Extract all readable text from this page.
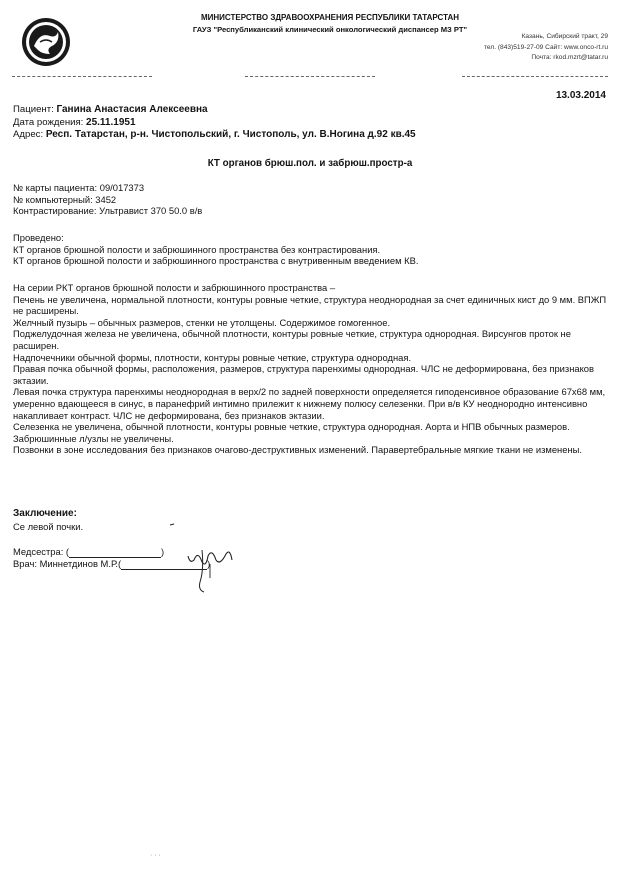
МИНИСТЕРСТВО ЗДРАВООХРАНЕНИЯ РЕСПУБЛИКИ ТАТАРСТАН
ГАУЗ "Республиканский клинический онкологический диспансер МЗ РТ"
Казань, Сибирский тракт, 29
тел. (843)519-27-09 Сайт: www.onco-rt.ru
Почта: rkod.mzrt@tatar.ru
13.03.2014
Пациент: Ганина Анастасия Алексеевна
Дата рождения: 25.11.1951
Адрес: Респ. Татарстан, р-н. Чистопольский, г. Чистополь, ул. В.Ногина д.92 кв.45
КТ органов брюш.пол. и забрюш.простр-а

№ карты пациента: 09/017373

№ компьютерный: 3452

Контрастирование: Ультравист 370 50.0 в/в

Проведено:

КТ органов брюшной полости и забрюшинного пространства без контрастирования.

КТ органов брюшной полости и забрюшинного пространства с внутривенным введением КВ.

На серии РКТ органов брюшной полости и забрюшинного пространства –

Печень не увеличена, нормальной плотности, контуры ровные четкие, структура неоднородная за счет единичных кист до 9 мм. ВПЖП не расширены.

Желчный пузырь – обычных размеров, стенки не утолщены. Содержимое гомогенное.

Поджелудочная железа не увеличена, обычной плотности, контуры ровные четкие, структура однородная. Вирсунгов проток не расширен.

Надпочечники обычной формы, плотности, контуры ровные четкие, структура однородная.

Правая почка обычной формы, расположения, размеров, структура паренхимы однородная. ЧЛС не деформирована, без признаков эктазии.

Левая почка структура паренхимы неоднородная в верх/2 по задней поверхности определяется гиподенсивное образование 67х68 мм, умеренно вдающееся в синус, в паранефрий интимно прилежит к нижнему полюсу селезенки. При в/в КУ неоднородно интенсивно накапливает контраст. ЧЛС не деформирована, без признаков эктазии.

Селезенка не увеличена, обычной плотности, контуры ровные четкие, структура однородная. Аорта и НПВ обычных размеров. Забрюшинные л/узлы не увеличены.

Позвонки в зоне исследования без признаков очагово-деструктивных изменений. Паравертебральные мягкие ткани не изменены.

Заключение:
Ce левой почки.
Медсестра: (	)
Врач: Миннетдинов М.Р.(	)
· · ·
